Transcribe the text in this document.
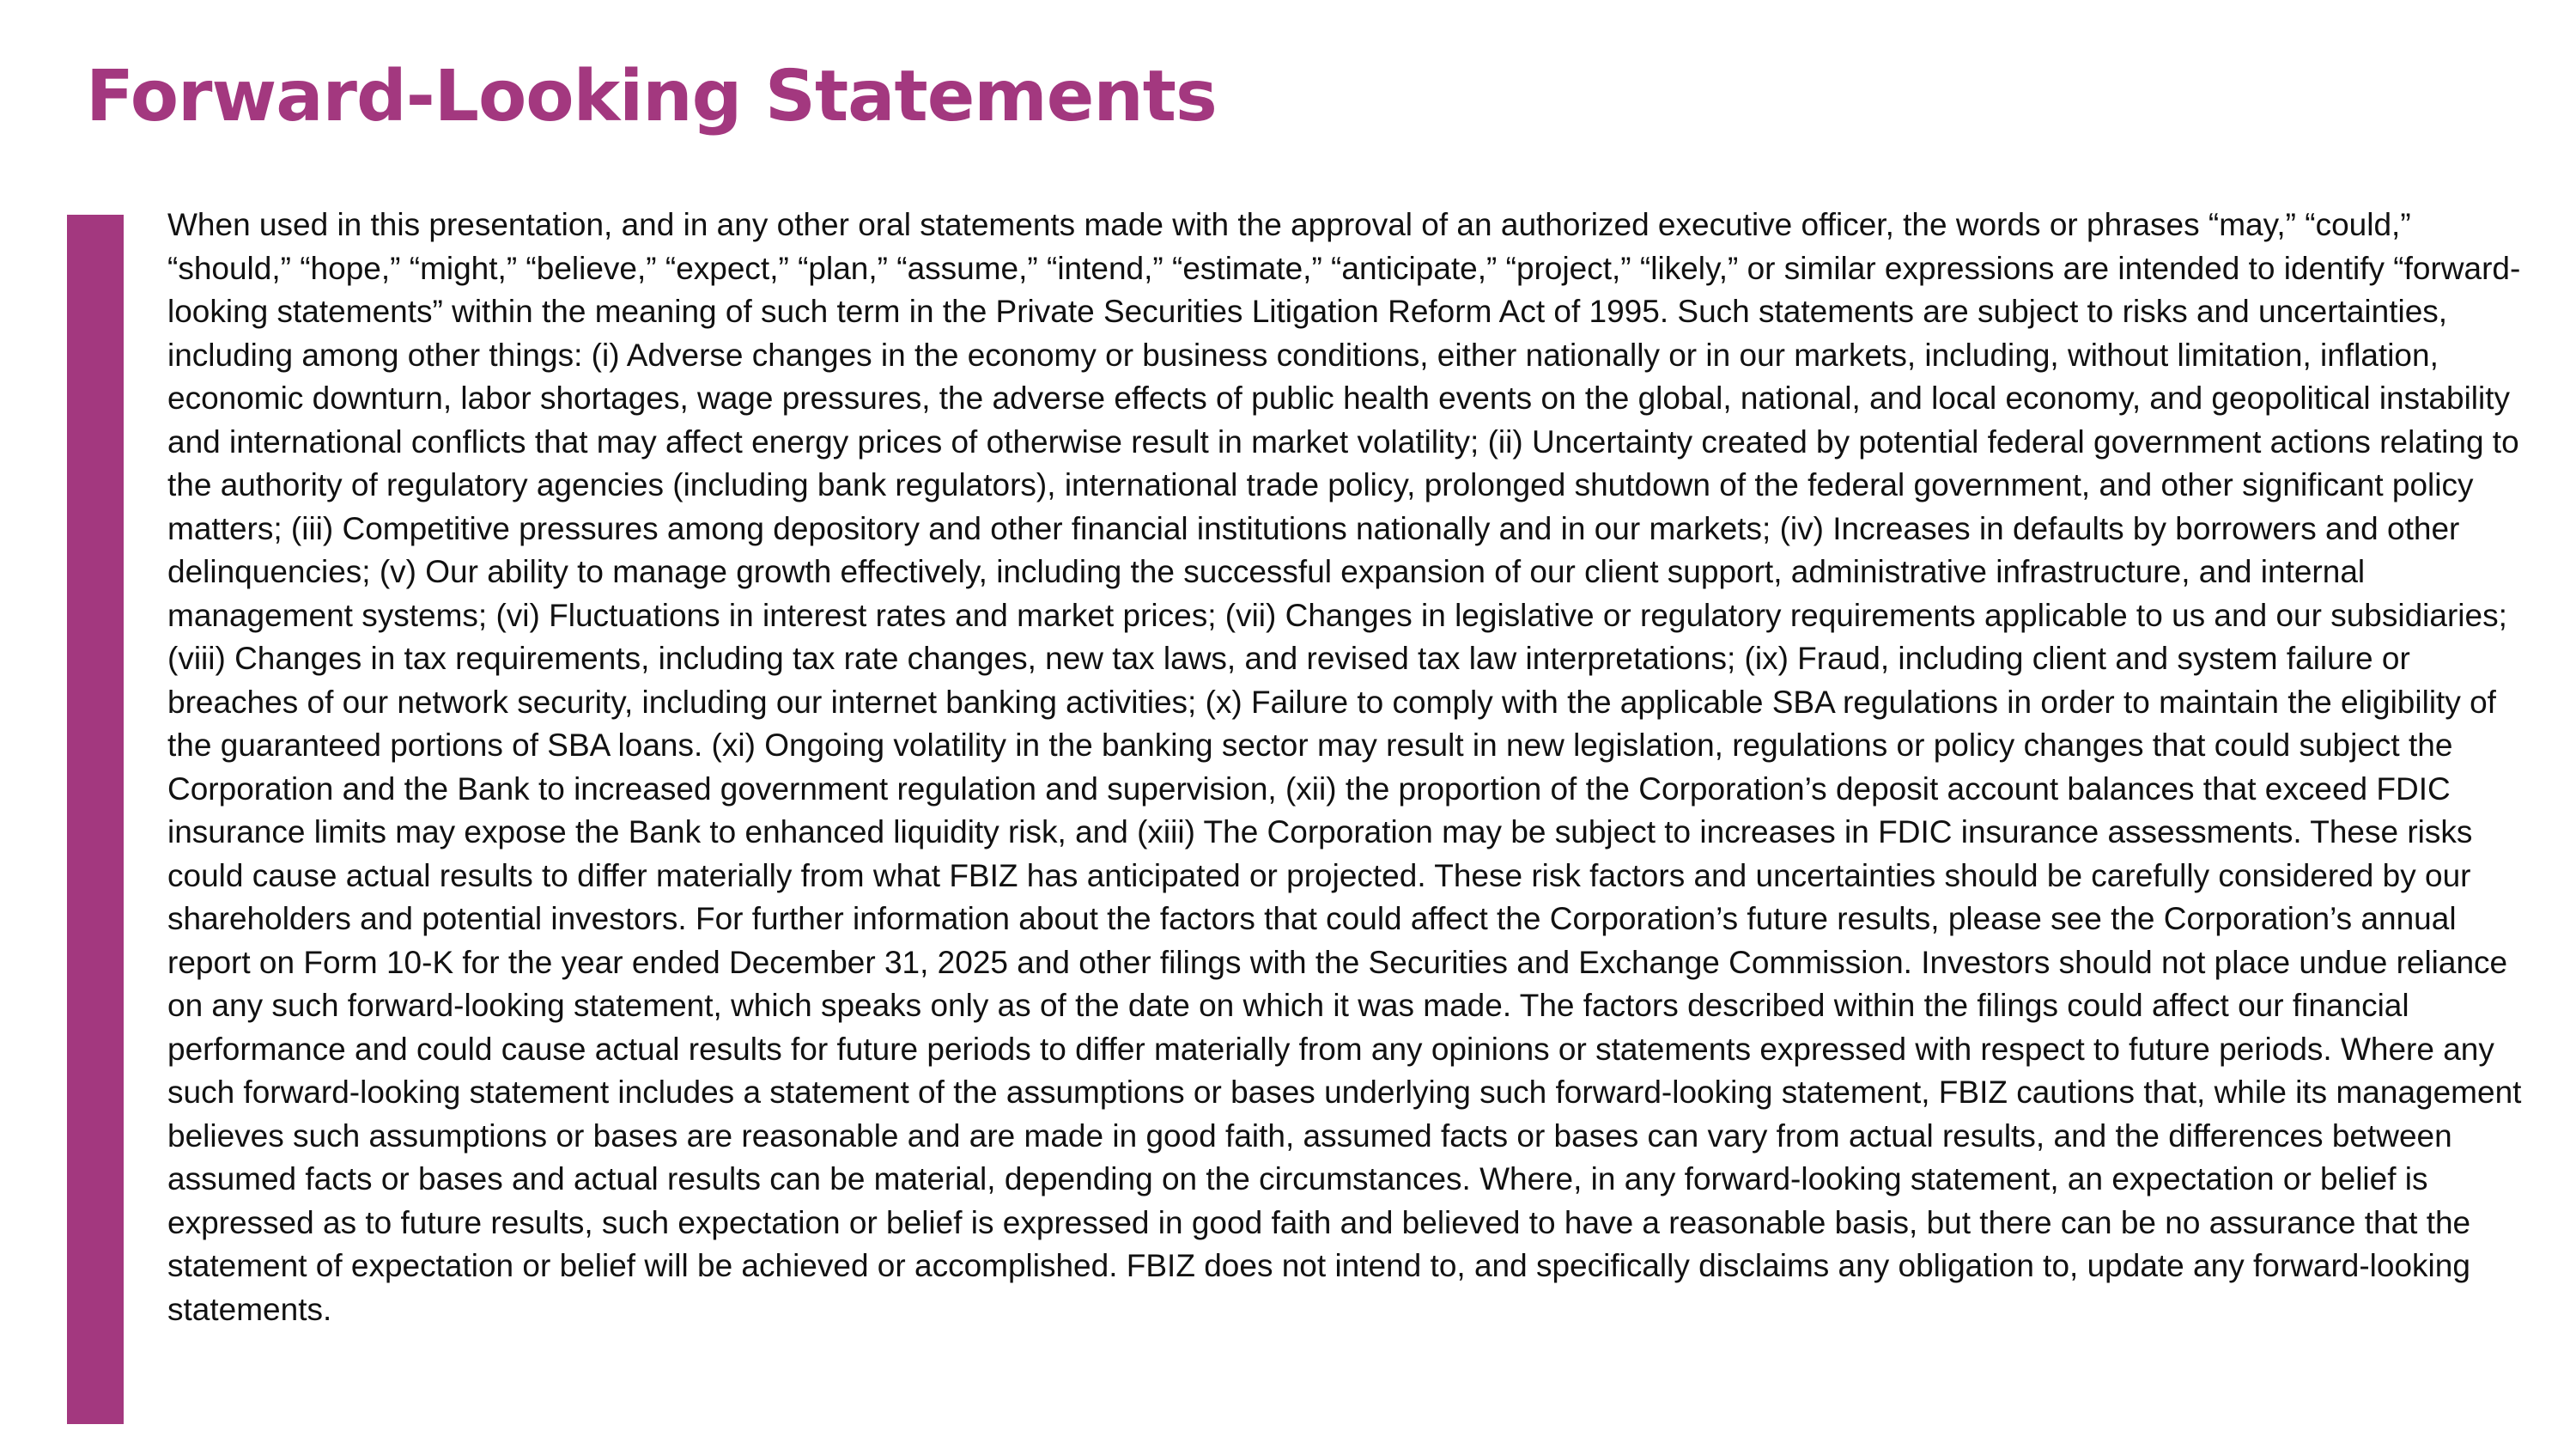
Forward-Looking Statements

When used in this presentation, and in any other oral statements made with the approval of an authorized executive officer, the words or phrases “may,” “could,” “should,” “hope,” “might,” “believe,” “expect,” “plan,” “assume,” “intend,” “estimate,” “anticipate,” “project,” “likely,” or similar expressions are intended to identify “forward-looking statements” within the meaning of such term in the Private Securities Litigation Reform Act of 1995. Such statements are subject to risks and uncertainties, including among other things: (i) Adverse changes in the economy or business conditions, either nationally or in our markets, including, without limitation, inflation, economic downturn, labor shortages, wage pressures, the adverse effects of public health events on the global, national, and local economy, and geopolitical instability and international conflicts that may affect energy prices of otherwise result in market volatility; (ii) Uncertainty created by potential federal government actions relating to the authority of regulatory agencies (including bank regulators), international trade policy, prolonged shutdown of the federal government, and other significant policy matters; (iii) Competitive pressures among depository and other financial institutions nationally and in our markets; (iv) Increases in defaults by borrowers and other delinquencies; (v) Our ability to manage growth effectively, including the successful expansion of our client support, administrative infrastructure, and internal management systems; (vi) Fluctuations in interest rates and market prices; (vii) Changes in legislative or regulatory requirements applicable to us and our subsidiaries; (viii) Changes in tax requirements, including tax rate changes, new tax laws, and revised tax law interpretations; (ix) Fraud, including client and system failure or breaches of our network security, including our internet banking activities; (x) Failure to comply with the applicable SBA regulations in order to maintain the eligibility of the guaranteed portions of SBA loans. (xi) Ongoing volatility in the banking sector may result in new legislation, regulations or policy changes that could subject the Corporation and the Bank to increased government regulation and supervision, (xii) the proportion of the Corporation’s deposit account balances that exceed FDIC insurance limits may expose the Bank to enhanced liquidity risk, and (xiii) The Corporation may be subject to increases in FDIC insurance assessments. These risks could cause actual results to differ materially from what FBIZ has anticipated or projected. These risk factors and uncertainties should be carefully considered by our shareholders and potential investors. For further information about the factors that could affect the Corporation’s future results, please see the Corporation’s annual report on Form 10-K for the year ended December 31, 2025 and other filings with the Securities and Exchange Commission. Investors should not place undue reliance on any such forward-looking statement, which speaks only as of the date on which it was made. The factors described within the filings could affect our financial performance and could cause actual results for future periods to differ materially from any opinions or statements expressed with respect to future periods. Where any such forward-looking statement includes a statement of the assumptions or bases underlying such forward-looking statement, FBIZ cautions that, while its management believes such assumptions or bases are reasonable and are made in good faith, assumed facts or bases can vary from actual results, and the differences between assumed facts or bases and actual results can be material, depending on the circumstances. Where, in any forward-looking statement, an expectation or belief is expressed as to future results, such expectation or belief is expressed in good faith and believed to have a reasonable basis, but there can be no assurance that the statement of expectation or belief will be achieved or accomplished. FBIZ does not intend to, and specifically disclaims any obligation to, update any forward-looking statements.
